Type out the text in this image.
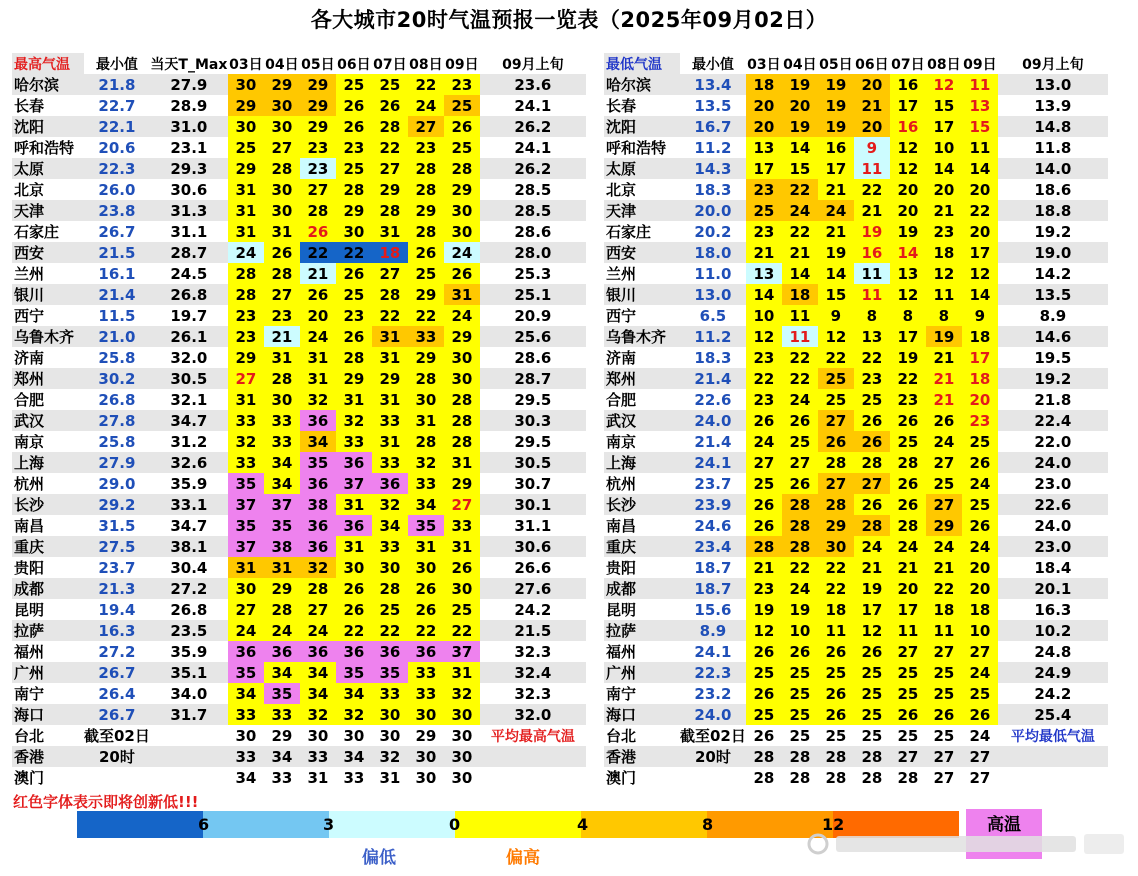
各大城市20时气温预报一览表（2025年09月02日）
最高气温	最小值	当天T_Max	03日	04日	05日	06日	07日	08日	09日	09月上旬
哈尔滨	21.8	27.9	30	29	29	25	25	22	23	23.6
长春	22.7	28.9	29	30	29	26	26	24	25	24.1
沈阳	22.1	31.0	30	30	29	26	28	27	26	26.2
呼和浩特	20.6	23.1	25	27	23	23	22	23	25	24.1
太原	22.3	29.3	29	28	23	25	27	28	28	26.2
北京	26.0	30.6	31	30	27	28	29	28	29	28.5
天津	23.8	31.3	31	30	28	29	28	29	30	28.5
石家庄	26.7	31.1	31	31	26	30	31	28	30	28.6
西安	21.5	28.7	24	26	22	22	18	26	24	28.0
兰州	16.1	24.5	28	28	21	26	27	25	26	25.3
银川	21.4	26.8	28	27	26	25	28	29	31	25.1
西宁	11.5	19.7	23	23	20	23	22	22	24	20.9
乌鲁木齐	21.0	26.1	23	21	24	26	31	33	29	25.6
济南	25.8	32.0	29	31	31	28	31	29	30	28.6
郑州	30.2	30.5	27	28	31	29	29	28	30	28.7
合肥	26.8	32.1	31	30	32	31	31	30	28	29.5
武汉	27.8	34.7	33	33	36	32	33	31	28	30.3
南京	25.8	31.2	32	33	34	33	31	28	28	29.5
上海	27.9	32.6	33	34	35	36	33	32	31	30.5
杭州	29.0	35.9	35	34	36	37	36	33	29	30.7
长沙	29.2	33.1	37	37	38	31	32	34	27	30.1
南昌	31.5	34.7	35	35	36	36	34	35	33	31.1
重庆	27.5	38.1	37	38	36	31	33	31	31	30.6
贵阳	23.7	30.4	31	31	32	30	30	30	26	26.6
成都	21.3	27.2	30	29	28	26	28	26	30	27.6
昆明	19.4	26.8	27	28	27	26	25	26	25	24.2
拉萨	16.3	23.5	24	24	24	22	22	22	22	21.5
福州	27.2	35.9	36	36	36	36	36	36	37	32.3
广州	26.7	35.1	35	34	34	35	35	33	31	32.4
南宁	26.4	34.0	34	35	34	34	33	33	32	32.3
海口	26.7	31.7	33	33	32	32	30	30	30	32.0
台北	截至02日		30	29	30	30	30	29	30	平均最高气温
香港	20时		33	34	33	34	32	30	30	
澳门			34	33	31	33	31	30	30	
最低气温	最小值	03日	04日	05日	06日	07日	08日	09日	09月上旬
哈尔滨	13.4	18	19	19	20	16	12	11	13.0
长春	13.5	20	20	19	21	17	15	13	13.9
沈阳	16.7	20	19	19	20	16	17	15	14.8
呼和浩特	11.2	13	14	16	9	12	10	11	11.8
太原	14.3	17	15	17	11	12	14	14	14.0
北京	18.3	23	22	21	22	20	20	20	18.6
天津	20.0	25	24	24	21	20	21	22	18.8
石家庄	20.2	23	22	21	19	19	23	20	19.2
西安	18.0	21	21	19	16	14	18	17	19.0
兰州	11.0	13	14	14	11	13	12	12	14.2
银川	13.0	14	18	15	11	12	11	14	13.5
西宁	6.5	10	11	9	8	8	8	9	8.9
乌鲁木齐	11.2	12	11	12	13	17	19	18	14.6
济南	18.3	23	22	22	22	19	21	17	19.5
郑州	21.4	22	22	25	23	22	21	18	19.2
合肥	22.6	23	24	25	25	23	21	20	21.8
武汉	24.0	26	26	27	26	26	26	23	22.4
南京	21.4	24	25	26	26	25	24	25	22.0
上海	24.1	27	27	28	28	28	27	26	24.0
杭州	23.7	25	26	27	27	26	25	24	23.0
长沙	23.9	26	28	28	26	26	27	25	22.6
南昌	24.6	26	28	29	28	28	29	26	24.0
重庆	23.4	28	28	30	24	24	24	24	23.0
贵阳	18.7	21	22	22	21	21	21	20	18.4
成都	18.7	23	24	22	19	20	22	20	20.1
昆明	15.6	19	19	18	17	17	18	18	16.3
拉萨	8.9	12	10	11	12	11	11	10	10.2
福州	24.1	26	26	26	26	27	27	27	24.8
广州	22.3	25	25	25	25	25	25	24	24.9
南宁	23.2	26	25	26	25	25	25	25	24.2
海口	24.0	25	25	26	25	26	26	26	25.4
台北	截至02日	26	25	25	25	25	25	24	平均最低气温
香港	20时	28	28	28	28	27	27	27	
澳门		28	28	28	28	28	27	27	
红色字体表示即将创新低!!!
6	3	0	4	8	12	高温
偏低	偏高
